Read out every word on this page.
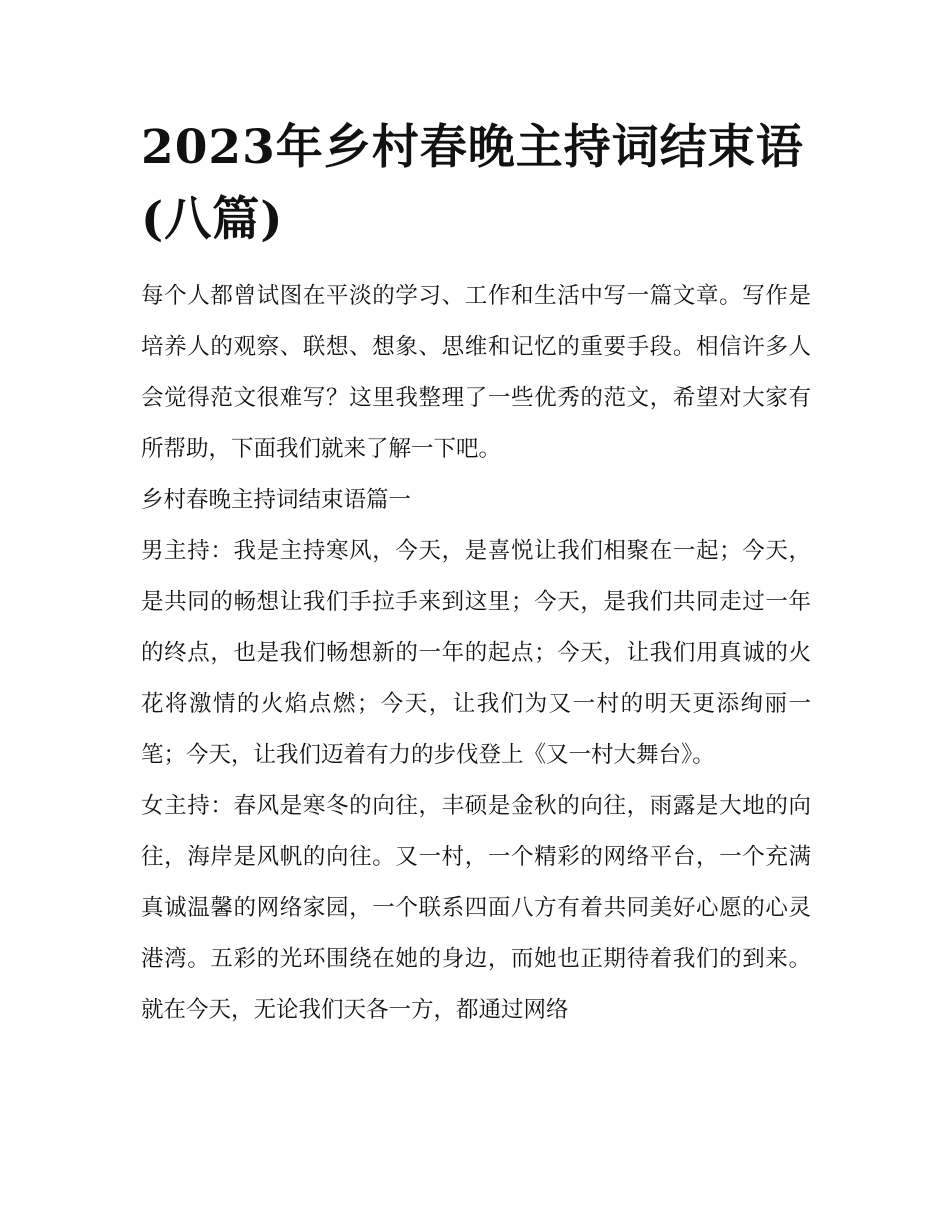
2023年乡村春晚主持词结束语(八篇)

每个人都曾试图在平淡的学习、工作和生活中写一篇文章。写作是培养人的观察、联想、想象、思维和记忆的重要手段。相信许多人会觉得范文很难写？这里我整理了一些优秀的范文，希望对大家有所帮助，下面我们就来了解一下吧。

乡村春晚主持词结束语篇一

男主持：我是主持寒风，今天，是喜悦让我们相聚在一起；今天，是共同的畅想让我们手拉手来到这里；今天，是我们共同走过一年的终点，也是我们畅想新的一年的起点；今天，让我们用真诚的火花将激情的火焰点燃；今天，让我们为又一村的明天更添绚丽一笔；今天，让我们迈着有力的步伐登上《又一村大舞台》。

女主持：春风是寒冬的向往，丰硕是金秋的向往，雨露是大地的向往，海岸是风帆的向往。又一村，一个精彩的网络平台，一个充满真诚温馨的网络家园，一个联系四面八方有着共同美好心愿的心灵港湾。五彩的光环围绕在她的身边，而她也正期待着我们的到来。就在今天，无论我们天各一方，都通过网络
